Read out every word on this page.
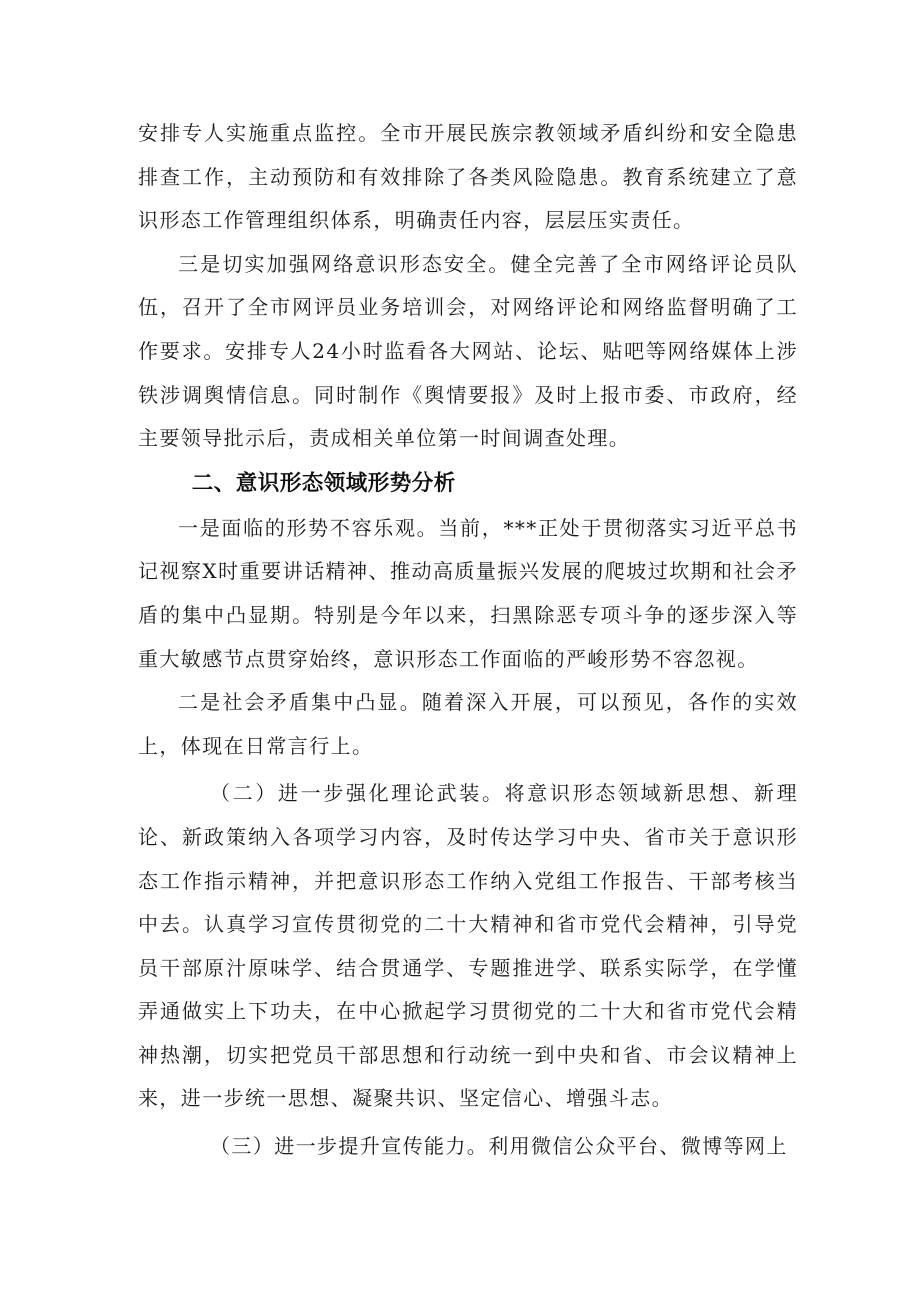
安排专人实施重点监控。全市开展民族宗教领域矛盾纠纷和安全隐患排查工作，主动预防和有效排除了各类风险隐患。教育系统建立了意识形态工作管理组织体系，明确责任内容，层层压实责任。

三是切实加强网络意识形态安全。健全完善了全市网络评论员队伍，召开了全市网评员业务培训会，对网络评论和网络监督明确了工作要求。安排专人24小时监看各大网站、论坛、贴吧等网络媒体上涉铁涉调舆情信息。同时制作《舆情要报》及时上报市委、市政府，经主要领导批示后，责成相关单位第一时间调查处理。

二、意识形态领域形势分析

一是面临的形势不容乐观。当前，***正处于贯彻落实习近平总书记视察X时重要讲话精神、推动高质量振兴发展的爬坡过坎期和社会矛盾的集中凸显期。特别是今年以来，扫黑除恶专项斗争的逐步深入等重大敏感节点贯穿始终，意识形态工作面临的严峻形势不容忽视。

二是社会矛盾集中凸显。随着深入开展，可以预见，各作的实效上，体现在日常言行上。

（二）进一步强化理论武装。将意识形态领域新思想、新理论、新政策纳入各项学习内容，及时传达学习中央、省市关于意识形态工作指示精神，并把意识形态工作纳入党组工作报告、干部考核当中去。认真学习宣传贯彻党的二十大精神和省市党代会精神，引导党员干部原汁原味学、结合贯通学、专题推进学、联系实际学，在学懂弄通做实上下功夫，在中心掀起学习贯彻党的二十大和省市党代会精神热潮，切实把党员干部思想和行动统一到中央和省、市会议精神上来，进一步统一思想、凝聚共识、坚定信心、增强斗志。

（三）进一步提升宣传能力。利用微信公众平台、微博等网上
